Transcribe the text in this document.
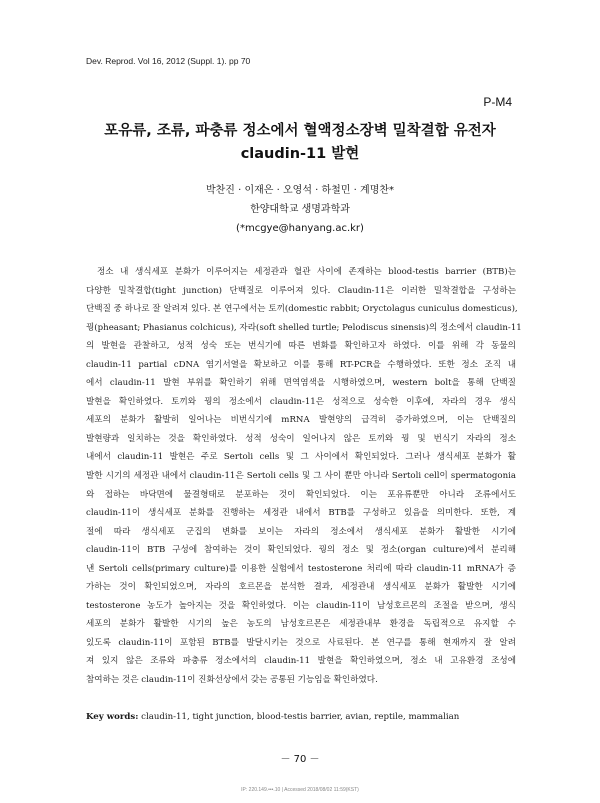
Dev. Reprod. Vol 16, 2012 (Suppl. 1). pp 70
P-M4

포유류, 조류, 파충류 정소에서 혈액정소장벽 밀착결합 유전자

claudin-11 발현

박찬진 · 이재은 · 오영석 · 하철민 · 계명찬*
한양대학교 생명과학과
(*mcgye@hanyang.ac.kr)
정소 내 생식세포 분화가 이루어지는 세정관과 혈관 사이에 존재하는 blood-testis barrier (BTB)는
다양한 밀착결합(tight junction) 단백질로 이루어져 있다. Claudin-11은 이러한 밀착결합을 구성하는
단백질 중 하나로 잘 알려져 있다. 본 연구에서는 토끼(domestic rabbit; Oryctolagus cuniculus domesticus),
꿩(pheasant; Phasianus colchicus), 자라(soft shelled turtle; Pelodiscus sinensis)의 정소에서 claudin-11
의 발현을 관찰하고, 성적 성숙 또는 번식기에 따른 변화를 확인하고자 하였다. 이를 위해 각 동물의
claudin-11 partial cDNA 염기서열을 확보하고 이를 통해 RT-PCR을 수행하였다. 또한 정소 조직 내
에서 claudin-11 발현 부위를 확인하기 위해 면역염색을 시행하였으며, western bolt을 통해 단백질
발현을 확인하였다. 토끼와 꿩의 정소에서 claudin-11은 성적으로 성숙한 이후에, 자라의 경우 생식
세포의 분화가 활발히 일어나는 비번식기에 mRNA 발현양의 급격히 증가하였으며, 이는 단백질의
발현량과 일치하는 것을 확인하였다. 성적 성숙이 일어나지 않은 토끼와 꿩 및 번식기 자라의 정소
내에서 claudin-11 발현은 주로 Sertoli cells 및 그 사이에서 확인되었다. 그러나 생식세포 분화가 활
발한 시기의 세정관 내에서 claudin-11은 Sertoli cells 및 그 사이 뿐만 아니라 Sertoli cell이 spermatogonia
와 접하는 바닥면에 물결형태로 분포하는 것이 확인되었다. 이는 포유류뿐만 아니라 조류에서도
claudin-11이 생식세포 분화를 진행하는 세정관 내에서 BTB를 구성하고 있음을 의미한다. 또한, 계
절에 따라 생식세포 군집의 변화를 보이는 자라의 정소에서 생식세포 분화가 활발한 시기에
claudin-11이 BTB 구성에 참여하는 것이 확인되었다. 꿩의 정소 및 정소(organ culture)에서 분리해
낸 Sertoli cells(primary culture)를 이용한 실험에서 testosterone 처리에 따라 claudin-11 mRNA가 증
가하는 것이 확인되었으며, 자라의 호르몬을 분석한 결과, 세정관내 생식세포 분화가 활발한 시기에
testosterone 농도가 높아지는 것을 확인하였다. 이는 claudin-11이 남성호르몬의 조절을 받으며, 생식
세포의 분화가 활발한 시기의 높은 농도의 남성호르몬은 세정관내부 환경을 독립적으로 유지할 수
있도록 claudin-11이 포함된 BTB를 발달시키는 것으로 사료된다. 본 연구를 통해 현재까지 잘 알려
져 있지 않은 조류와 파충류 정소에서의 claudin-11 발현을 확인하였으며, 정소 내 고유환경 조성에
참여하는 것은 claudin-11이 진화선상에서 갖는 공통된 기능임을 확인하였다.
Key words: claudin-11, tight junction, blood-testis barrier, avian, reptile, mammalian
－ 70 －
IP: 220.149.•••.10 | Accessed 2018/08/02 11:59(KST)
